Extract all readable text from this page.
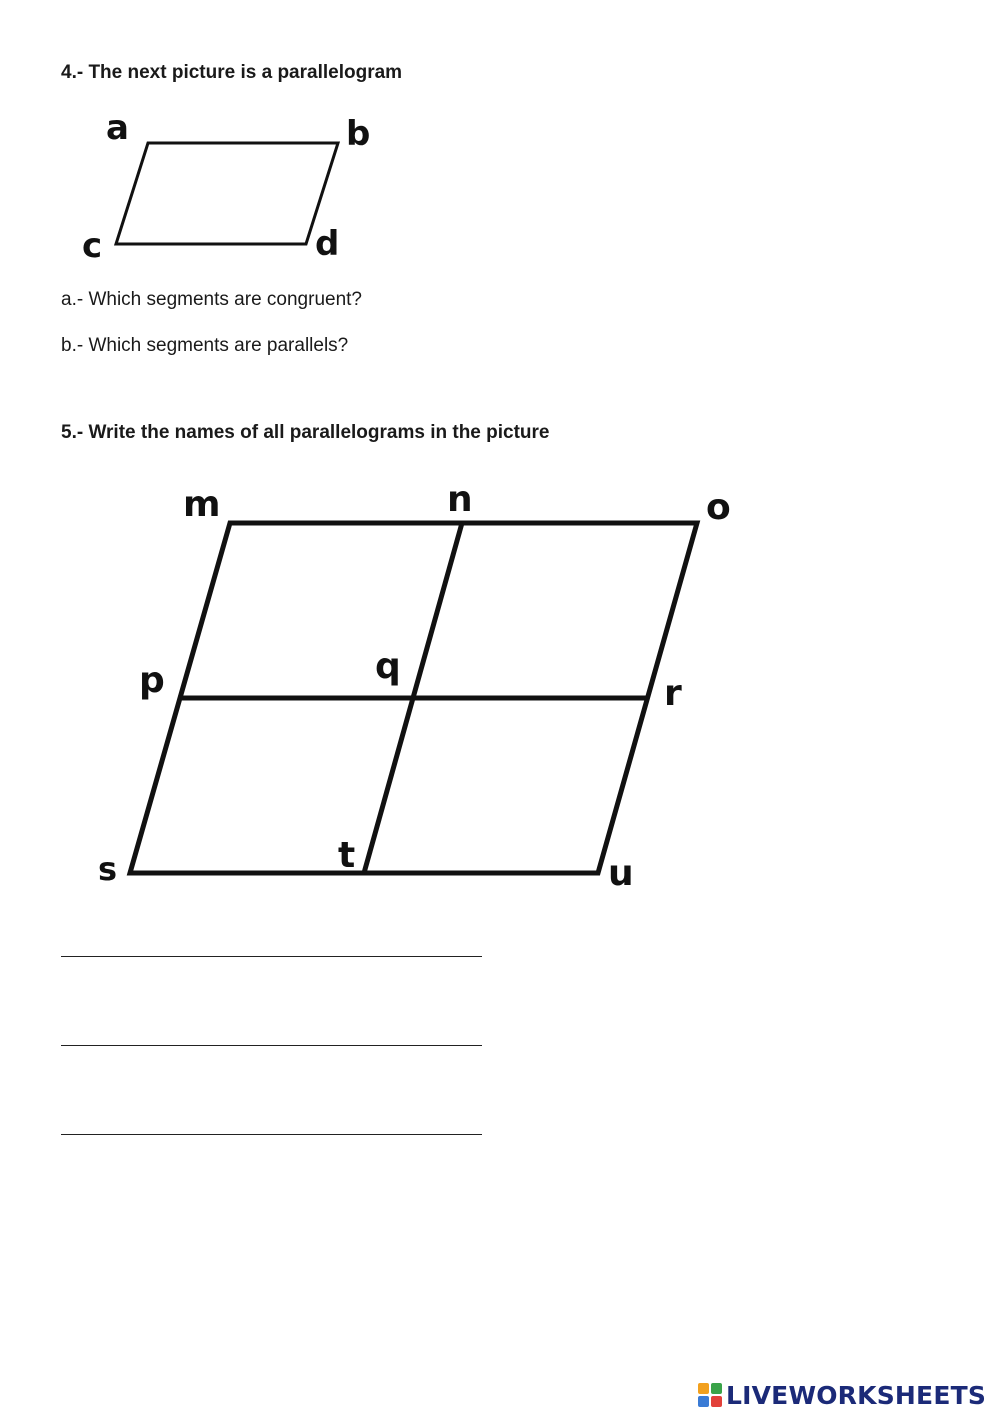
4.- The next picture is a parallelogram

a	b
c	d

a.- Which segments are congruent?

b.- Which segments are parallels?

5.- Write the names of all parallelograms in the picture

m	n	o
p	q
r
s	t	u
LIVEWORKSHEETS
